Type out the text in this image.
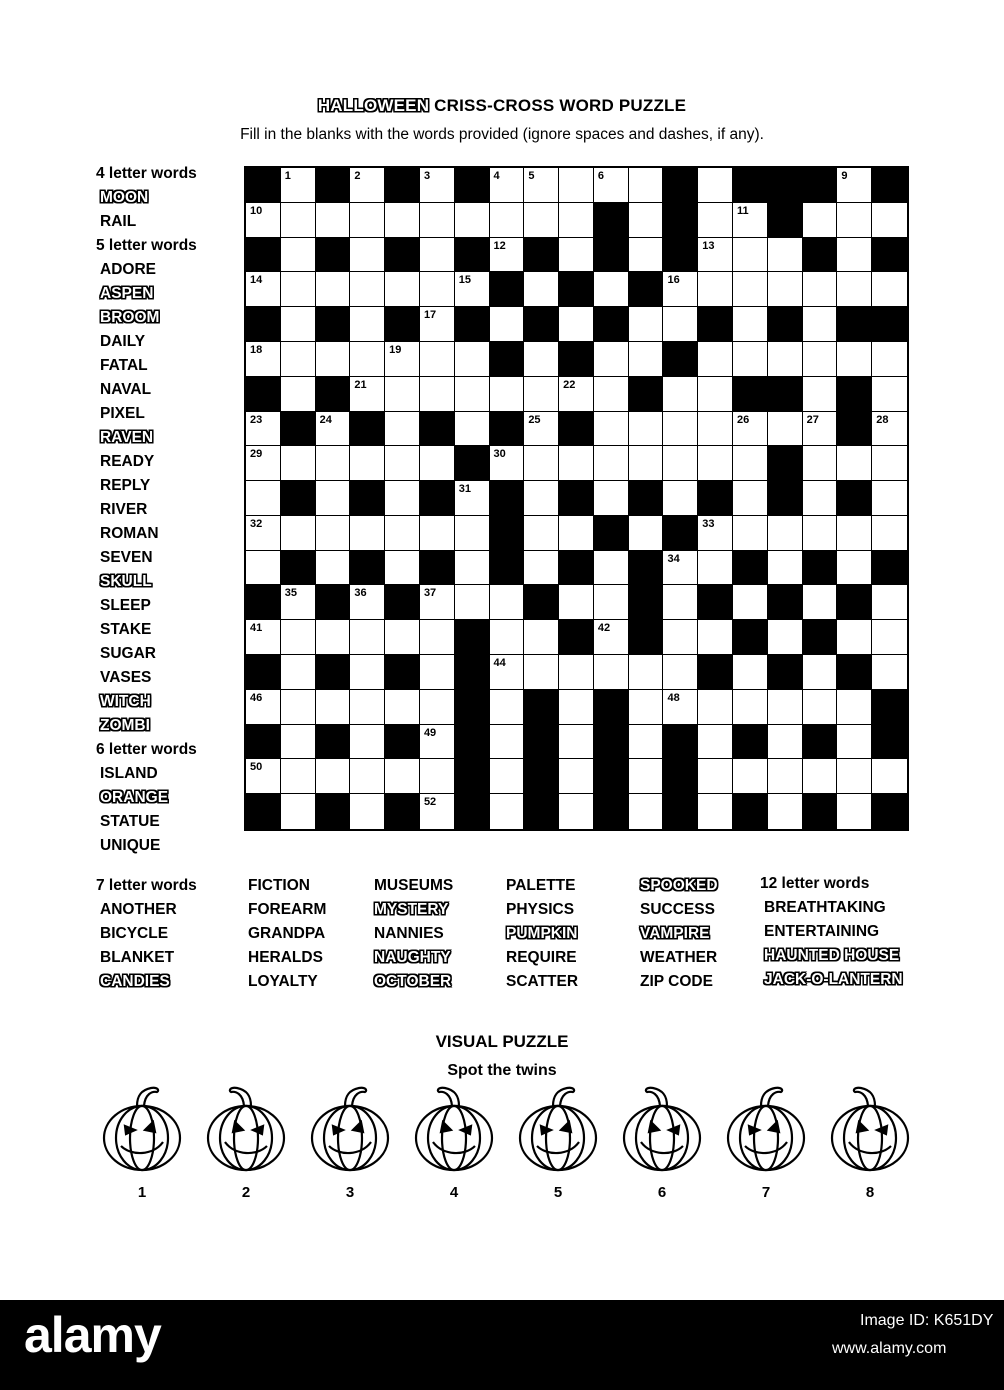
HALLOWEEN CRISS-CROSS WORD PUZZLE
Fill in the blanks with the words provided (ignore spaces and dashes, if any).
4 letter words
MOON
RAIL
5 letter words
ADORE
ASPEN
BROOM
DAILY
FATAL
NAVAL
PIXEL
RAVEN
READY
REPLY
RIVER
ROMAN
SEVEN
SKULL
SLEEP
STAKE
SUGAR
VASES
WITCH
ZOMBI
6 letter words
ISLAND
ORANGE
STATUE
UNIQUE
1	2	3	4	5	6	7	8	9
10	11
12	13
14	15	16
17
18	19	20
21	22
23	24	25	26	27	28
29	30
31
32	33
34
35	36	37	38	39	40
41	42	43
44	45
46	47	48
49
50	51
52
7 letter words
ANOTHER
BICYCLE
BLANKET
CANDIES
FICTION
FOREARM
GRANDPA
HERALDS
LOYALTY
MUSEUMS
MYSTERY
NANNIES
NAUGHTY
OCTOBER
PALETTE
PHYSICS
PUMPKIN
REQUIRE
SCATTER
SPOOKED
SUCCESS
VAMPIRE
WEATHER
ZIP CODE
12 letter words
BREATHTAKING
ENTERTAINING
HAUNTED HOUSE
JACK-O-LANTERN
VISUAL PUZZLE
Spot the twins
1	2	3	4	5	6	7	8
alamy	Image ID: K651DY
www.alamy.com
